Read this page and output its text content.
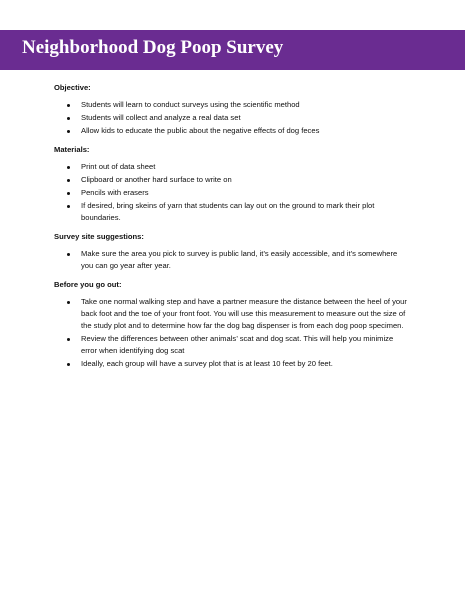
Neighborhood Dog Poop Survey

Objective:

Students will learn to conduct surveys using the scientific method
Students will collect and analyze a real data set
Allow kids to educate the public about the negative effects of dog feces

Materials:

Print out of data sheet
Clipboard or another hard surface to write on
Pencils with erasers
If desired, bring skeins of yarn that students can lay out on the ground to mark their plot boundaries.

Survey site suggestions:

Make sure the area you pick to survey is public land, it’s easily accessible, and it’s somewhere you can go year after year.

Before you go out:

Take one normal walking step and have a partner measure the distance between the heel of your back foot and the toe of your front foot. You will use this measurement to measure out the size of the study plot and to determine how far the dog bag dispenser is from each dog poop specimen.
Review the differences between other animals’ scat and dog scat. This will help you minimize error when identifying dog scat
Ideally, each group will have a survey plot that is at least 10 feet by 20 feet.
